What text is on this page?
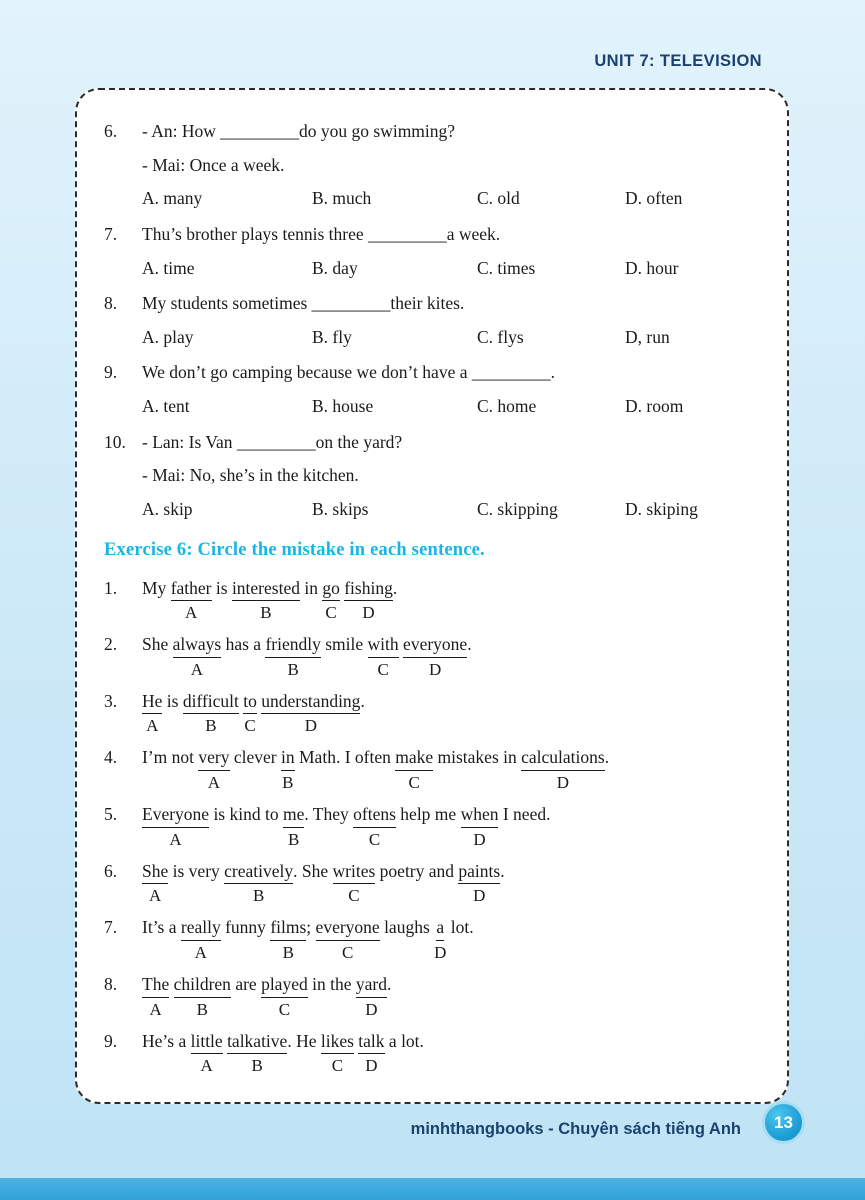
UNIT 7: TELEVISION
6.	- An: How _________do you go swimming?
- Mai: Once a week.
A. many	B. much	C. old	D. often
7.	Thu’s brother plays tennis three _________a week.
A. time	B. day	C. times	D. hour
8.	My students sometimes _________their kites.
A. play	B. fly	C. flys	D, run
9.	We don’t go camping because we don’t have a _________.
A. tent	B. house	C. home	D. room
10. - Lan: Is Van _________on the yard?
- Mai: No, she’s in the kitchen.
A. skip	B. skips	C. skipping	D. skiping
Exercise 6: Circle the mistake in each sentence.
1.	My
father
A
is
interested
B
in
$\frac{go}{C}$

fishing
D
.

2.	She
always
A
has a
friendly
B
smile
with
C

everyone
D
.

3.	$\frac{He}{A}$ is
difficult
B

$\frac{to}{C}$

understanding
D
.

4.	I’m not
very
A
clever
$\frac{in}{B}$ Math. I often
make
C
mistakes in
calculations
D
.

5.	Everyone
A
is kind to
$\frac{me}{B}$ . They
oftens
C
help me
when
D
I need.

6.	She
A
is very
creatively
B
. She
writes
C
poetry and
paints
D
.

7.	It’s a
really
A
funny
films
B
;
everyone
C
laughs
$\frac{a}{D}$ lot.

8.	The
A

children
B
are
played
C
in the
yard
D
.

9.	He’s a
little
A

talkative
B
. He
likes
C

talk
D
a lot.

minhthangbooks - Chuyên sách tiếng Anh	13
